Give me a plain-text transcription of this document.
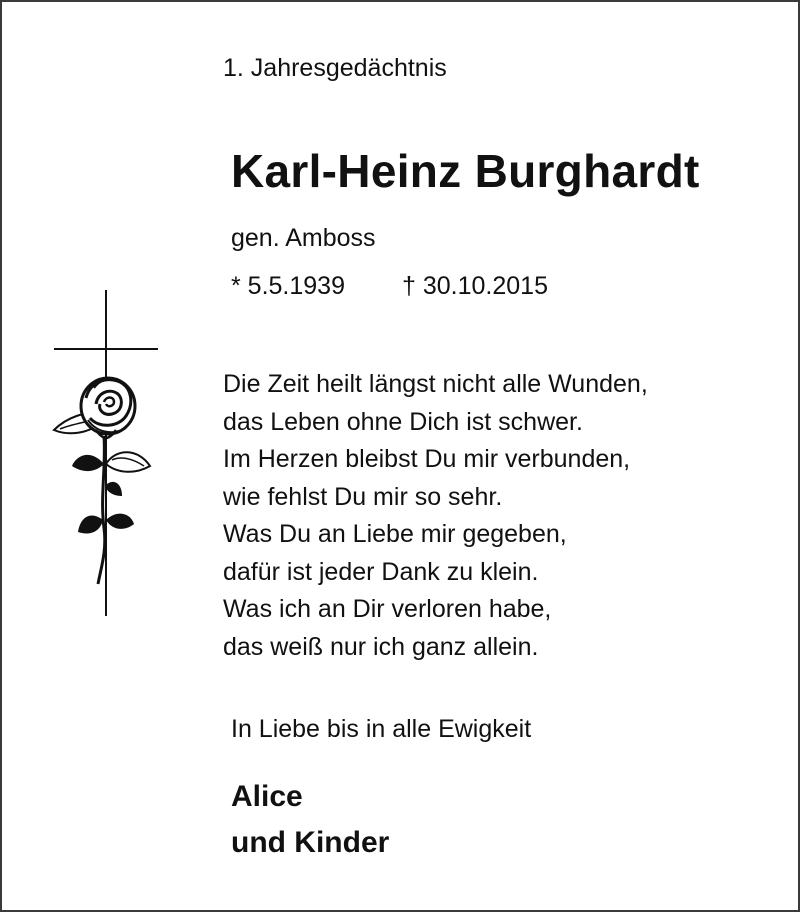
1. Jahresgedächtnis
Karl-Heinz Burghardt
gen. Amboss
* 5.5.1939 † 30.10.2015
Die Zeit heilt längst nicht alle Wunden,
das Leben ohne Dich ist schwer.
Im Herzen bleibst Du mir verbunden,
wie fehlst Du mir so sehr.
Was Du an Liebe mir gegeben,
dafür ist jeder Dank zu klein.
Was ich an Dir verloren habe,
das weiß nur ich ganz allein.
In Liebe bis in alle Ewigkeit
Alice
und Kinder
